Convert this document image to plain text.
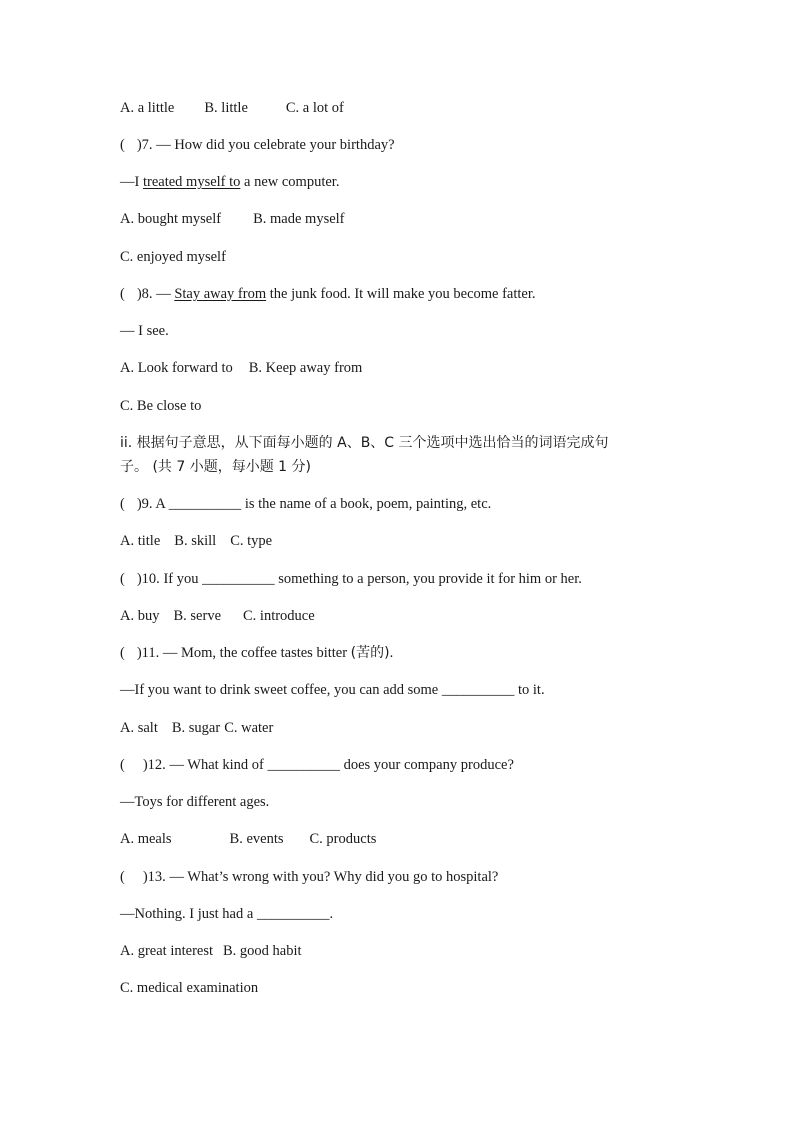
A. a little B. little	C. a lot of
( )7. — How did you celebrate your birthday?
—I treated myself to a new computer.
A. bought myself B. made myself
C. enjoyed myself
( )8. — Stay away from the junk food. It will make you become fatter.
— I see.
A. Look forward to B. Keep away from
C. Be close to
ii. 根据句子意思，从下面每小题的 A、B、C 三个选项中选出恰当的词语完成句
子。 (共 7 小题，每小题 1 分)
( )9. A __________ is the name of a book, poem, painting, etc.
A. title B. skill C. type
( )10. If you __________ something to a person, you provide it for him or her.
A. buy B. serve C. introduce
( )11. — Mom, the coffee tastes bitter (苦的).
—If you want to drink sweet coffee, you can add some __________ to it.
A. salt B. sugar C. water
( )12. — What kind of __________ does your company produce?
—Toys for different ages.
A. meals	B. events C. products
( )13. — What’s wrong with you? Why did you go to hospital?
—Nothing. I just had a __________.
A. great interest B. good habit
C. medical examination
